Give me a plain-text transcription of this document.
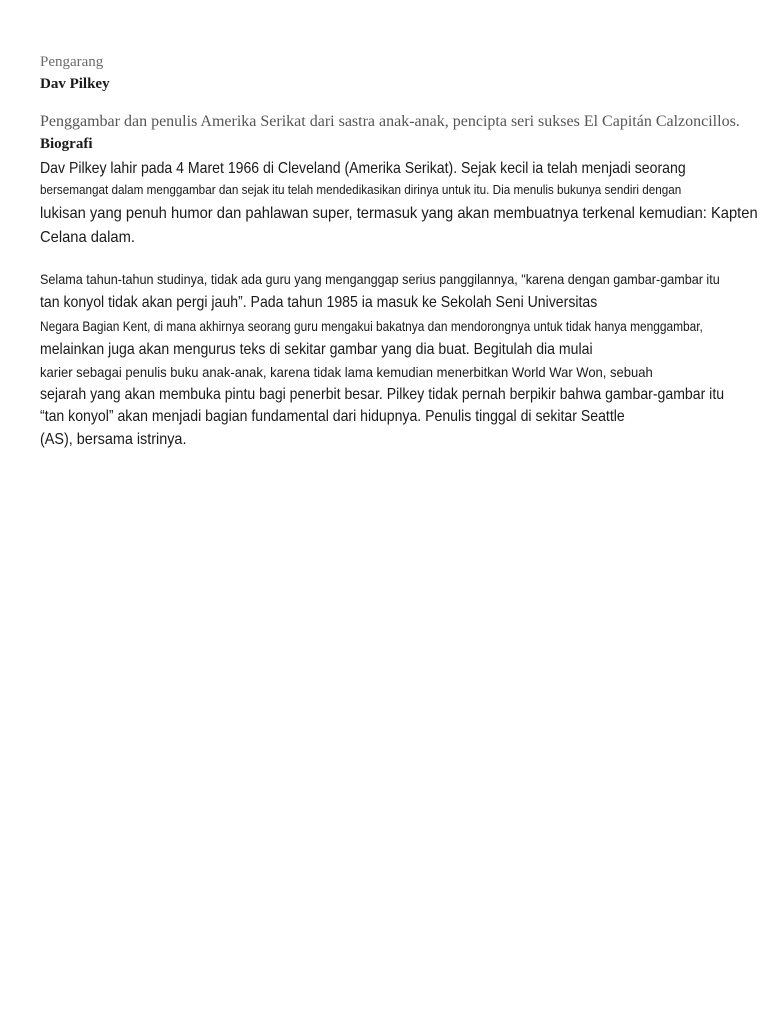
Pengarang
Dav Pilkey
Penggambar dan penulis Amerika Serikat dari sastra anak-anak, pencipta seri sukses El Capitán Calzoncillos.
Biografi
Dav Pilkey lahir pada 4 Maret 1966 di Cleveland (Amerika Serikat). Sejak kecil ia telah menjadi seorang
bersemangat dalam menggambar dan sejak itu telah mendedikasikan dirinya untuk itu. Dia menulis bukunya sendiri dengan
lukisan yang penuh humor dan pahlawan super, termasuk yang akan membuatnya terkenal kemudian: Kapten
Celana dalam.
Selama tahun-tahun studinya, tidak ada guru yang menganggap serius panggilannya, "karena dengan gambar-gambar itu
tan konyol tidak akan pergi jauh”. Pada tahun 1985 ia masuk ke Sekolah Seni Universitas
Negara Bagian Kent, di mana akhirnya seorang guru mengakui bakatnya dan mendorongnya untuk tidak hanya menggambar,
melainkan juga akan mengurus teks di sekitar gambar yang dia buat. Begitulah dia mulai
karier sebagai penulis buku anak-anak, karena tidak lama kemudian menerbitkan World War Won, sebuah
sejarah yang akan membuka pintu bagi penerbit besar. Pilkey tidak pernah berpikir bahwa gambar-gambar itu
“tan konyol” akan menjadi bagian fundamental dari hidupnya. Penulis tinggal di sekitar Seattle
(AS), bersama istrinya.
